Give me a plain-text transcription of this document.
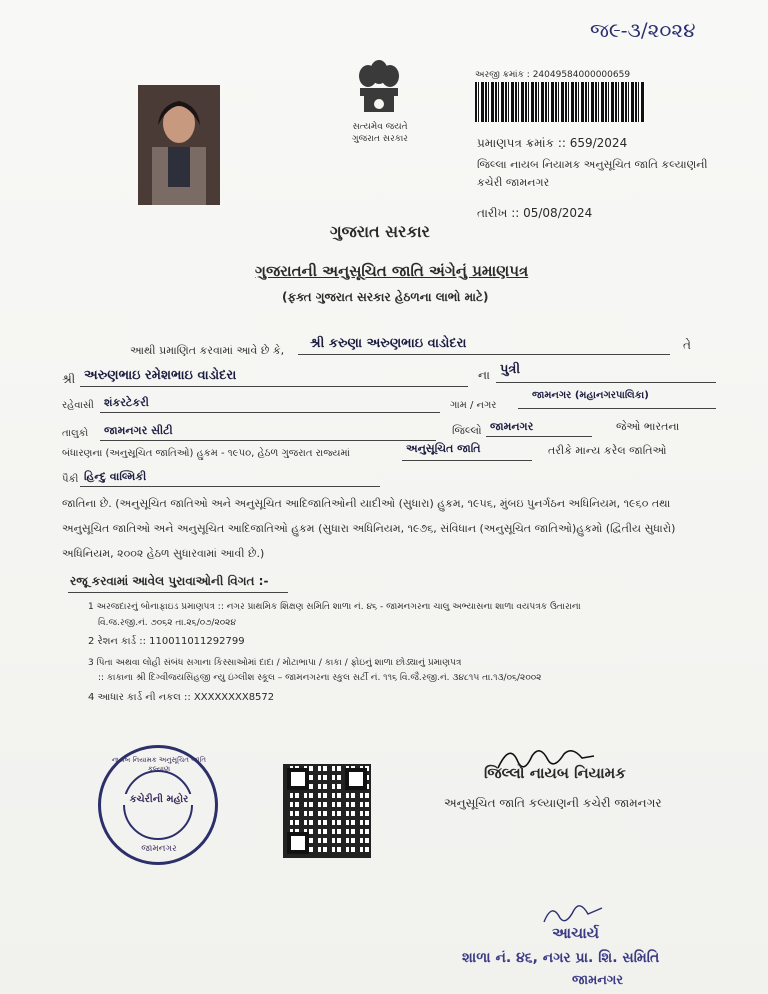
જ૯-૩/૨૦૨૪
સત્યમેવ જયતે
ગુજરાત સરકાર
અરજી ક્રમાંક : 24049584000000659
પ્રમાણપત્ર ક્રમાંક :: 659/2024
જિલ્લા નાયબ નિયામક અનુસૂચિત જાતિ કલ્યાણની
કચેરી જામનગર
તારીખ :: 05/08/2024
ગુજરાત સરકાર
ગુજરાતની અનુસૂચિત જાતિ અંગેનું પ્રમાણપત્ર
(ફક્ત ગુજરાત સરકાર હેઠળના લાભો માટે)
આથી પ્રમાણિત કરવામાં આવે છે કે, શ્રી કરુણા અરુણભાઇ વાડોદરા	તે
શ્રી અરુણભાઇ રમેશભાઇ વાડોદરા	ના પુત્રી
રહેવાસી શંકરટેકરી	ગામ / નગર
જામનગર (મહાનગરપાલિકા)
તાલુકો જામનગર સીટી	જિલ્લો જામનગર	જેઓ ભારતના
બંધારણના (અનુસૂચિત જાતિઓ) હુકમ - ૧૯૫૦, હેઠળ ગુજરાત રાજ્યમાં	અનુસૂચિત જાતિ	તરીકે માન્ય કરેલ જાતિઓ
પૈકી હિન્દુ વાલ્મિકી
જાતિના છે. (અનુસૂચિત જાતિઓ અને અનુસૂચિત આદિજાતિઓની યાદીઓ (સુધારા) હુકમ, ૧૯૫૬, મુંબઇ પુનર્ગઠન અધિનિયમ, ૧૯૬૦ તથા
અનુસૂચિત જાતિઓ અને અનુસૂચિત આદિજાતિઓ હુકમ (સુધારા અધિનિયમ, ૧૯૭૬, સંવિધાન (અનુસૂચિત જાતિઓ)હુકમો (દ્વિતીય સુધારો)
અધિનિયમ, ૨૦૦૨ હેઠળ સુધારવામાં આવી છે.)
રજૂ કરવામાં આવેલ પુરાવાઓની વિગત :-
1 અરજદારનું બોનાફાઇડ પ્રમાણપત્ર :: નગર પ્રાથમિક શિક્ષણ સમિતિ શાળા નં. ૪૬ - જામનગરના ચાલુ અભ્યાસના શાળા વયપત્રક ઉતારાના
વિ.જ.રજી.નં. ૭૦૬૨ તા.૨૬/૦૭/૨૦૨૪
2 રેશન કાર્ડ :: 110011011292799
3 પિતા અથવા લોહી સંબંધ સગાના કિસ્સાઓમાં દાદા / મોટાભાપા / કાકા / ફોઇનું શાળા છોડ્યાનું પ્રમાણપત્ર
:: કાકાના શ્રી દિગ્વીજયસિંહજી ન્યુ ઇંગ્લીશ સ્કૂલ – જામનગરના સ્કુલ સર્ટી નં. ૧૧૬ વિ.જૈ.રજી.નં. ૩૪૮૧૫ તા.૧૩/૦૬/૨૦૦૨
4 આધાર કાર્ડ ની નકલ :: XXXXXXXX8572
નાયબ નિયામક અનુસૂચિત જાતિ કલ્યાણ
કચેરીની મહોર
જામનગર
જિલ્લો નાયબ નિયામક
અનુસૂચિત જાતિ કલ્યાણની કચેરી જામનગર
આચાર્ય
શાળા નં. ૪૬, નગર પ્રા. શિ. સમિતિ
જામનગર
